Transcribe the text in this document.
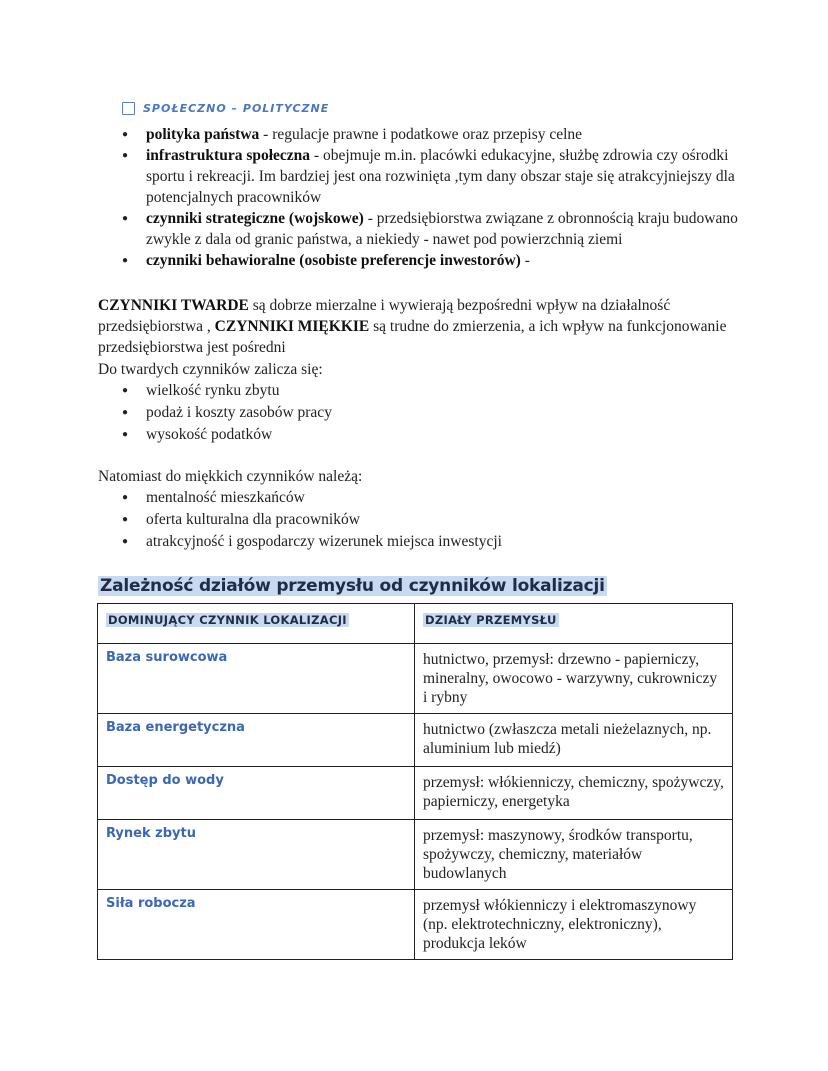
SPOŁECZNO – POLITYCZNE
● polityka państwa - regulacje prawne i podatkowe oraz przepisy celne
● infrastruktura społeczna - obejmuje m.in. placówki edukacyjne, służbę zdrowia czy ośrodki sportu i rekreacji. Im bardziej jest ona rozwinięta ,tym dany obszar staje się atrakcyjniejszy dla potencjalnych pracowników
● czynniki strategiczne (wojskowe) - przedsiębiorstwa związane z obronnością kraju budowano zwykle z dala od granic państwa, a niekiedy - nawet pod powierzchnią ziemi
● czynniki behawioralne (osobiste preferencje inwestorów) -

CZYNNIKI TWARDE są dobrze mierzalne i wywierają bezpośredni wpływ na działalność przedsiębiorstwa , CZYNNIKI MIĘKKIE są trudne do zmierzenia, a ich wpływ na funkcjonowanie przedsiębiorstwa jest pośredni

Do twardych czynników zalicza się:
● wielkość rynku zbytu
● podaż i koszty zasobów pracy
● wysokość podatków
Natomiast do miękkich czynników należą:
● mentalność mieszkańców
● oferta kulturalna dla pracowników
● atrakcyjność i gospodarczy wizerunek miejsca inwestycji
Zależność działów przemysłu od czynników lokalizacji
DOMINUJĄCY CZYNNIK LOKALIZACJI	DZIAŁY PRZEMYSŁU
Baza surowcowa	hutnictwo, przemysł: drzewno - papierniczy, mineralny, owocowo - warzywny, cukrowniczy i rybny
Baza energetyczna	hutnictwo (zwłaszcza metali nieżelaznych, np. aluminium lub miedź)
Dostęp do wody	przemysł: włókienniczy, chemiczny, spożywczy, papierniczy, energetyka
Rynek zbytu	przemysł: maszynowy, środków transportu, spożywczy, chemiczny, materiałów budowlanych
Siła robocza	przemysł włókienniczy i elektromaszynowy (np. elektrotechniczny, elektroniczny), produkcja leków
